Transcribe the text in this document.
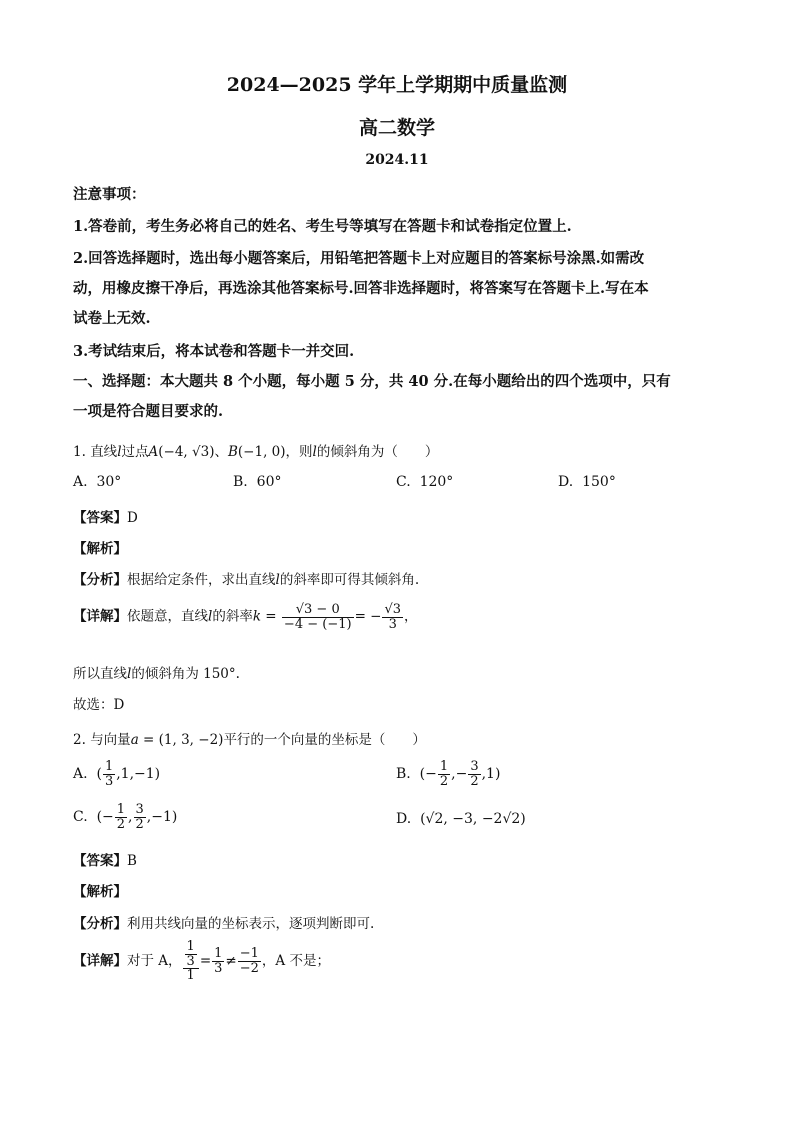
2024—2025 学年上学期期中质量监测
高二数学
2024.11
注意事项：
1.答卷前，考生务必将自己的姓名、考生号等填写在答题卡和试卷指定位置上.
2.回答选择题时，选出每小题答案后，用铅笔把答题卡上对应题目的答案标号涂黑.如需改
动，用橡皮擦干净后，再选涂其他答案标号.回答非选择题时，将答案写在答题卡上.写在本
试卷上无效.
3.考试结束后，将本试卷和答题卡一并交回.
一、选择题：本大题共 8 个小题，每小题 5 分，共 40 分.在每小题给出的四个选项中，只有
一项是符合题目要求的.
1. 直线l过点A(−4, √3)、B(−1, 0)，则l的倾斜角为（　　）
A. 30°	B. 60°	C. 120°	D. 150°
【答案】D
【解析】
【分析】根据给定条件，求出直线l的斜率即可得其倾斜角.
【详解】依题意，直线l的斜率$k = \frac{√3 - 0}{-4 - (-1)}$ = − $\frac{√3}{3}$ ，
所以直线l的倾斜角为 150°.
故选：D
2. 与向量a = (1, 3, −2)平行的一个向量的坐标是（　　）
A.  ( $\frac{1}{3} ,1,-1$)	B.  (− $\frac{1}{2}$ ,− $\frac{3}{2} ,1$)
C.  (− $\frac{1}{2}$ , $\frac{3}{2} ,-1$)	D. (√2, −3, −2√2)
【答案】B
【解析】
【分析】利用共线向量的坐标表示，逐项判断即可.
【详解】对于 A， $\frac{\frac{1}{3}}{1} = \frac{1}{3} \ne \frac{-1}{-2}$ ，A 不是；
